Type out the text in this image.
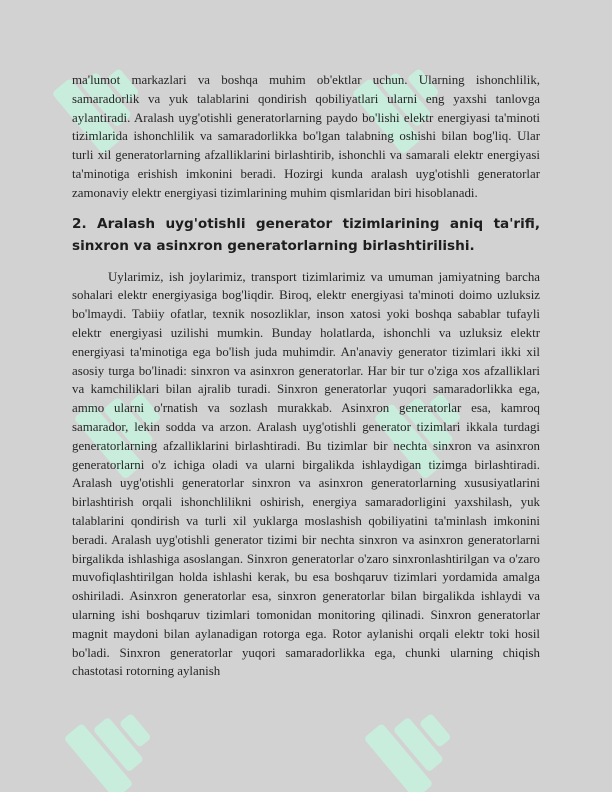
ma'lumot markazlari va boshqa muhim ob'ektlar uchun. Ularning ishonchlilik, samaradorlik va yuk talablarini qondirish qobiliyatlari ularni eng yaxshi tanlovga aylantiradi. Aralash uyg'otishli generatorlarning paydo bo'lishi elektr energiyasi ta'minoti tizimlarida ishonchlilik va samaradorlikka bo'lgan talabning oshishi bilan bog'liq. Ular turli xil generatorlarning afzalliklarini birlashtirib, ishonchli va samarali elektr energiyasi ta'minotiga erishish imkonini beradi. Hozirgi kunda aralash uyg'otishli generatorlar zamonaviy elektr energiyasi tizimlarining muhim qismlaridan biri hisoblanadi.

2. Aralash uyg'otishli generator tizimlarining aniq ta'rifi, sinxron va asinxron generatorlarning birlashtirilishi.

Uylarimiz, ish joylarimiz, transport tizimlarimiz va umuman jamiyatning barcha sohalari elektr energiyasiga bog'liqdir. Biroq, elektr energiyasi ta'minoti doimo uzluksiz bo'lmaydi. Tabiiy ofatlar, texnik nosozliklar, inson xatosi yoki boshqa sabablar tufayli elektr energiyasi uzilishi mumkin. Bunday holatlarda, ishonchli va uzluksiz elektr energiyasi ta'minotiga ega bo'lish juda muhimdir. An'anaviy generator tizimlari ikki xil asosiy turga bo'linadi: sinxron va asinxron generatorlar. Har bir tur o'ziga xos afzalliklari va kamchiliklari bilan ajralib turadi. Sinxron generatorlar yuqori samaradorlikka ega, ammo ularni o'rnatish va sozlash murakkab. Asinxron generatorlar esa, kamroq samarador, lekin sodda va arzon. Aralash uyg'otishli generator tizimlari ikkala turdagi generatorlarning afzalliklarini birlashtiradi. Bu tizimlar bir nechta sinxron va asinxron generatorlarni o'z ichiga oladi va ularni birgalikda ishlaydigan tizimga birlashtiradi. Aralash uyg'otishli generatorlar sinxron va asinxron generatorlarning xususiyatlarini birlashtirish orqali ishonchlilikni oshirish, energiya samaradorligini yaxshilash, yuk talablarini qondirish va turli xil yuklarga moslashish qobiliyatini ta'minlash imkonini beradi. Aralash uyg'otishli generator tizimi bir nechta sinxron va asinxron generatorlarni birgalikda ishlashiga asoslangan. Sinxron generatorlar o'zaro sinxronlashtirilgan va o'zaro muvofiqlashtirilgan holda ishlashi kerak, bu esa boshqaruv tizimlari yordamida amalga oshiriladi. Asinxron generatorlar esa, sinxron generatorlar bilan birgalikda ishlaydi va ularning ishi boshqaruv tizimlari tomonidan monitoring qilinadi. Sinxron generatorlar magnit maydoni bilan aylanadigan rotorga ega. Rotor aylanishi orqali elektr toki hosil bo'ladi. Sinxron generatorlar yuqori samaradorlikka ega, chunki ularning chiqish chastotasi rotorning aylanish
